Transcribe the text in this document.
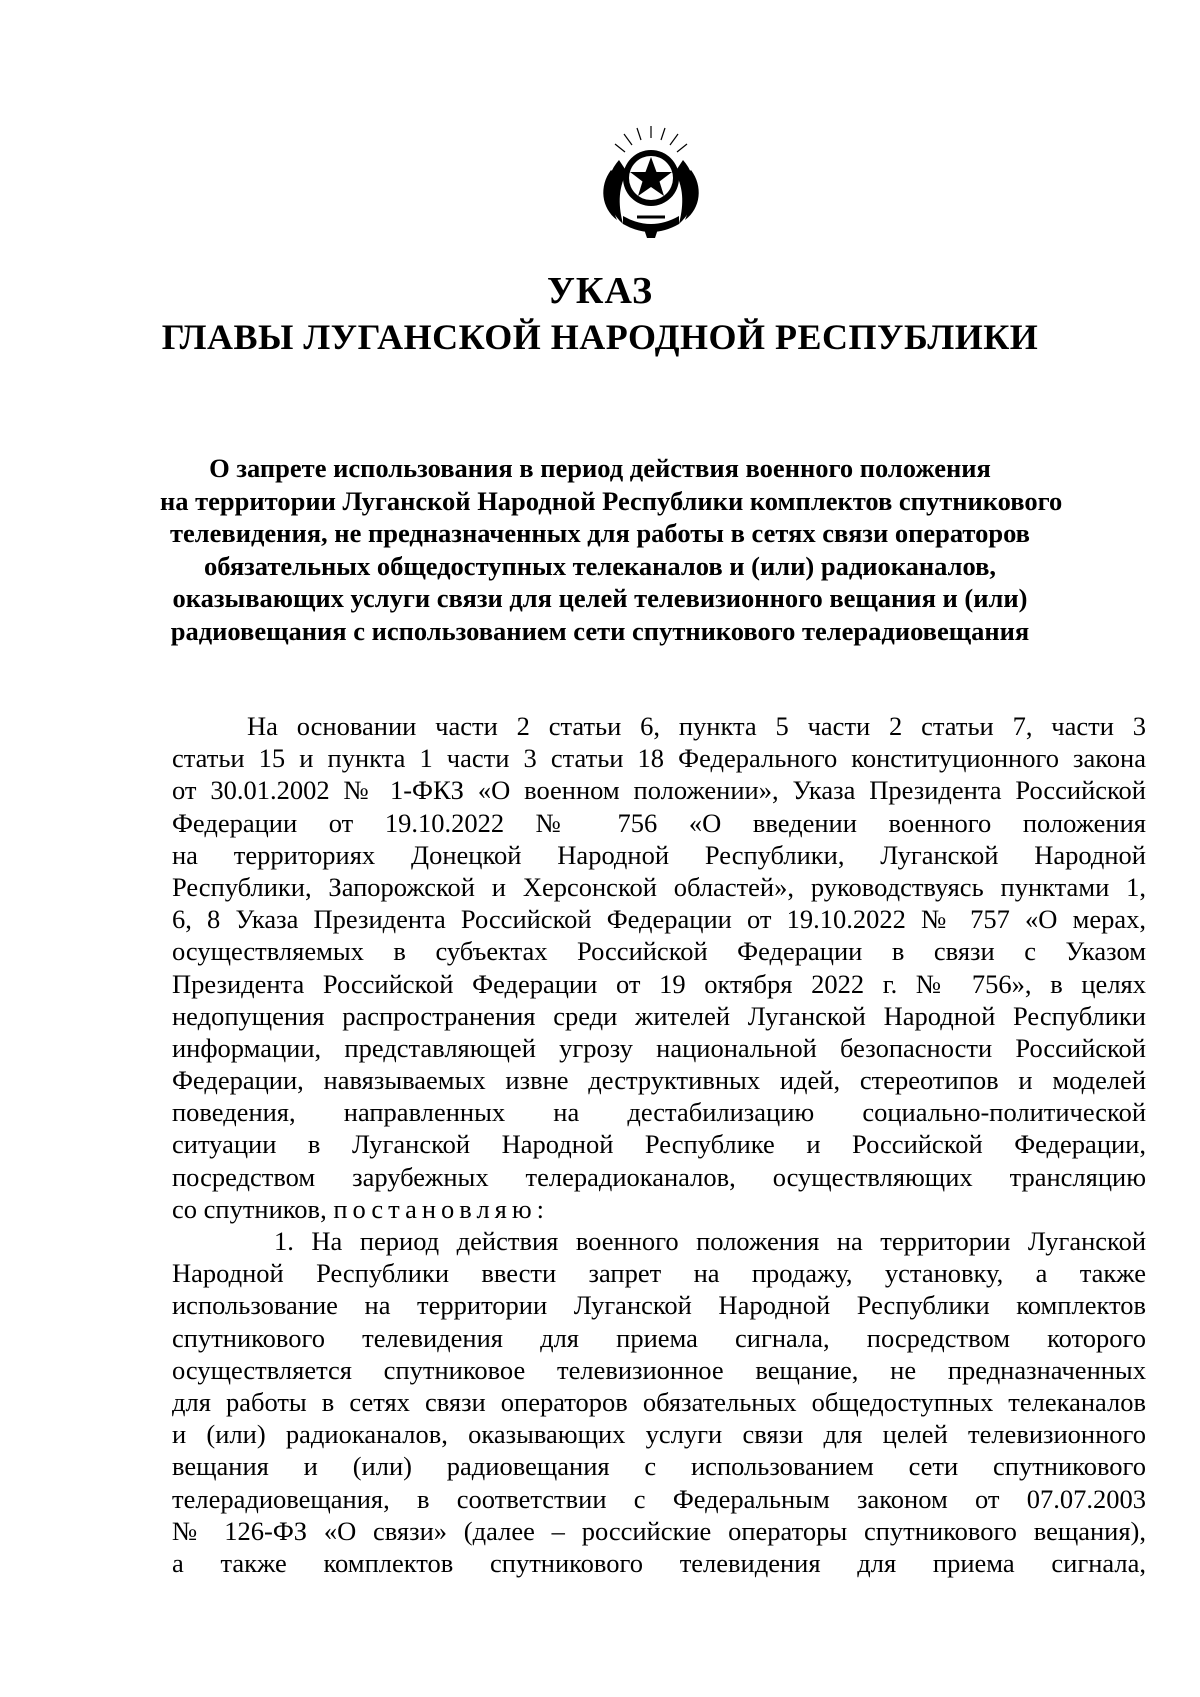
УКАЗ

ГЛАВЫ ЛУГАНСКОЙ НАРОДНОЙ РЕСПУБЛИКИ

О запрете использования в период действия военного положения
на территории Луганской Народной Республики комплектов спутникового
телевидения, не предназначенных для работы в сетях связи операторов
обязательных общедоступных телеканалов и (или) радиоканалов,
оказывающих услуги связи для целей телевизионного вещания и (или)
радиовещания с использованием сети спутникового телерадиовещания
На основании части 2 статьи 6, пункта 5 части 2 статьи 7, части 3
статьи 15 и пункта 1 части 3 статьи 18 Федерального конституционного закона
от 30.01.2002 № 1-ФКЗ «О военном положении», Указа Президента Российской
Федерации от 19.10.2022 № 756 «О введении военного положения
на территориях Донецкой Народной Республики, Луганской Народной
Республики, Запорожской и Херсонской областей», руководствуясь пунктами 1,
6, 8 Указа Президента Российской Федерации от 19.10.2022 № 757 «О мерах,
осуществляемых в субъектах Российской Федерации в связи с Указом
Президента Российской Федерации от 19 октября 2022 г. № 756», в целях
недопущения распространения среди жителей Луганской Народной Республики
информации, представляющей угрозу национальной безопасности Российской
Федерации, навязываемых извне деструктивных идей, стереотипов и моделей
поведения, направленных на дестабилизацию социально-политической
ситуации в Луганской Народной Республике и Российской Федерации,
посредством зарубежных телерадиоканалов, осуществляющих трансляцию
со спутников, постановляю:
1. На период действия военного положения на территории Луганской
Народной Республики ввести запрет на продажу, установку, а также
использование на территории Луганской Народной Республики комплектов
спутникового телевидения для приема сигнала, посредством которого
осуществляется спутниковое телевизионное вещание, не предназначенных
для работы в сетях связи операторов обязательных общедоступных телеканалов
и (или) радиоканалов, оказывающих услуги связи для целей телевизионного
вещания и (или) радиовещания с использованием сети спутникового
телерадиовещания, в соответствии с Федеральным законом от 07.07.2003
№ 126-ФЗ «О связи» (далее – российские операторы спутникового вещания),
а также комплектов спутникового телевидения для приема сигнала,
